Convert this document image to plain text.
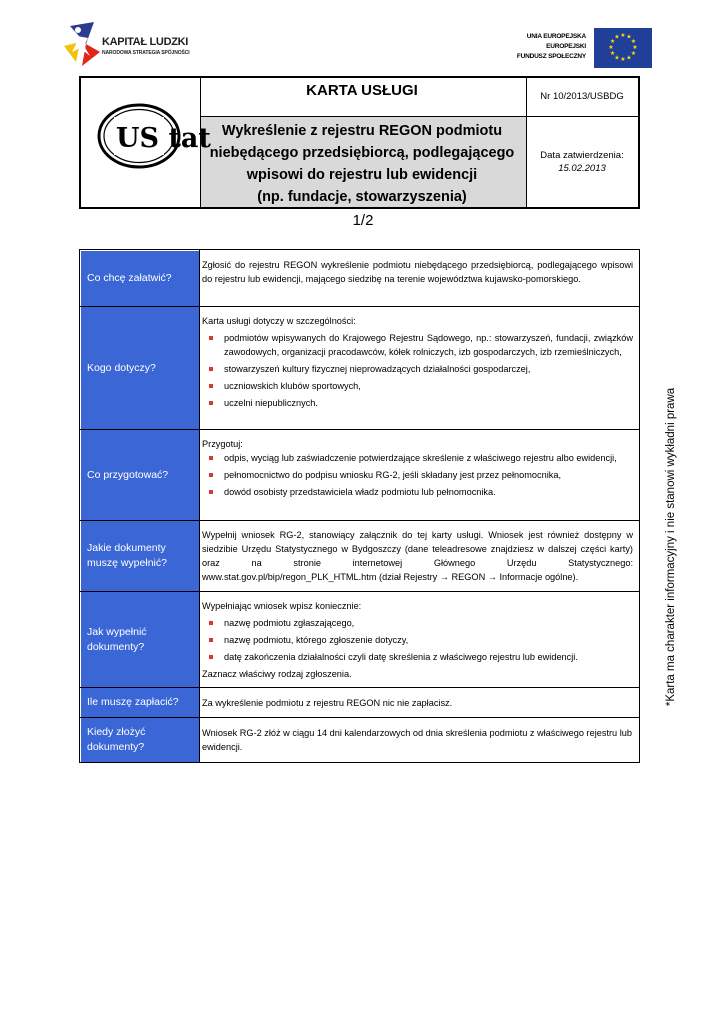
KAPITAŁ LUDZKI
NARODOWA STRATEGIA SPÓJNOŚCI
UNIA EUROPEJSKA
EUROPEJSKI
FUNDUSZ SPOŁECZNY
★ ★
★
★
★
★
★
★
★
★
★
★
US tat
KARTA USŁUGI	Nr 10/2013/USBDG
Wykreślenie z rejestru REGON podmiotu
niebędącego przedsiębiorcą, podlegającego
wpisowi do rejestru lub ewidencji
(np. fundacje, stowarzyszenia)
Data zatwierdzenia:
15.02.2013
1/2
Co chcę załatwić?
Zgłosić do rejestru REGON wykreślenie podmiotu niebędącego przedsiębiorcą, podlegającego wpisowi do rejestru lub ewidencji, mającego siedzibę na terenie województwa kujawsko-pomorskiego.
Kogo dotyczy?
Karta usługi dotyczy w szczególności:
podmiotów wpisywanych do Krajowego Rejestru Sądowego, np.: stowarzyszeń, fundacji, związków zawodowych, organizacji pracodawców, kółek rolniczych, izb gospodarczych, izb rzemieślniczych,
stowarzyszeń kultury fizycznej nieprowadzących działalności gospodarczej,
uczniowskich klubów sportowych,
uczelni niepublicznych.
Co przygotować?
Przygotuj:
odpis, wyciąg lub zaświadczenie potwierdzające skreślenie z właściwego rejestru albo ewidencji,
pełnomocnictwo do podpisu wniosku RG-2, jeśli składany jest przez pełnomocnika,
dowód osobisty przedstawiciela władz podmiotu lub pełnomocnika.
Jakie dokumenty muszę wypełnić?
Wypełnij wniosek RG-2, stanowiący załącznik do tej karty usługi. Wniosek jest również dostępny w siedzibie Urzędu Statystycznego w Bydgoszczy (dane teleadresowe znajdziesz w dalszej części karty) oraz na stronie internetowej Głównego Urzędu Statystycznego: www.stat.gov.pl/bip/regon_PLK_HTML.htm (dział Rejestry → REGON → Informacje ogólne).
Jak wypełnić dokumenty?
Wypełniając wniosek wpisz koniecznie:
nazwę podmiotu zgłaszającego,
nazwę podmiotu, którego zgłoszenie dotyczy,
datę zakończenia działalności czyli datę skreślenia z właściwego rejestru lub ewidencji.
Zaznacz właściwy rodzaj zgłoszenia.
Ile muszę zapłacić?	Za wykreślenie podmiotu z rejestru REGON nic nie zapłacisz.
Kiedy złożyć dokumenty?
Wniosek RG-2 złóż w ciągu 14 dni kalendarzowych od dnia skreślenia podmiotu z właściwego rejestru lub ewidencji.
*Karta ma charakter informacyjny i nie stanowi wykładni prawa
